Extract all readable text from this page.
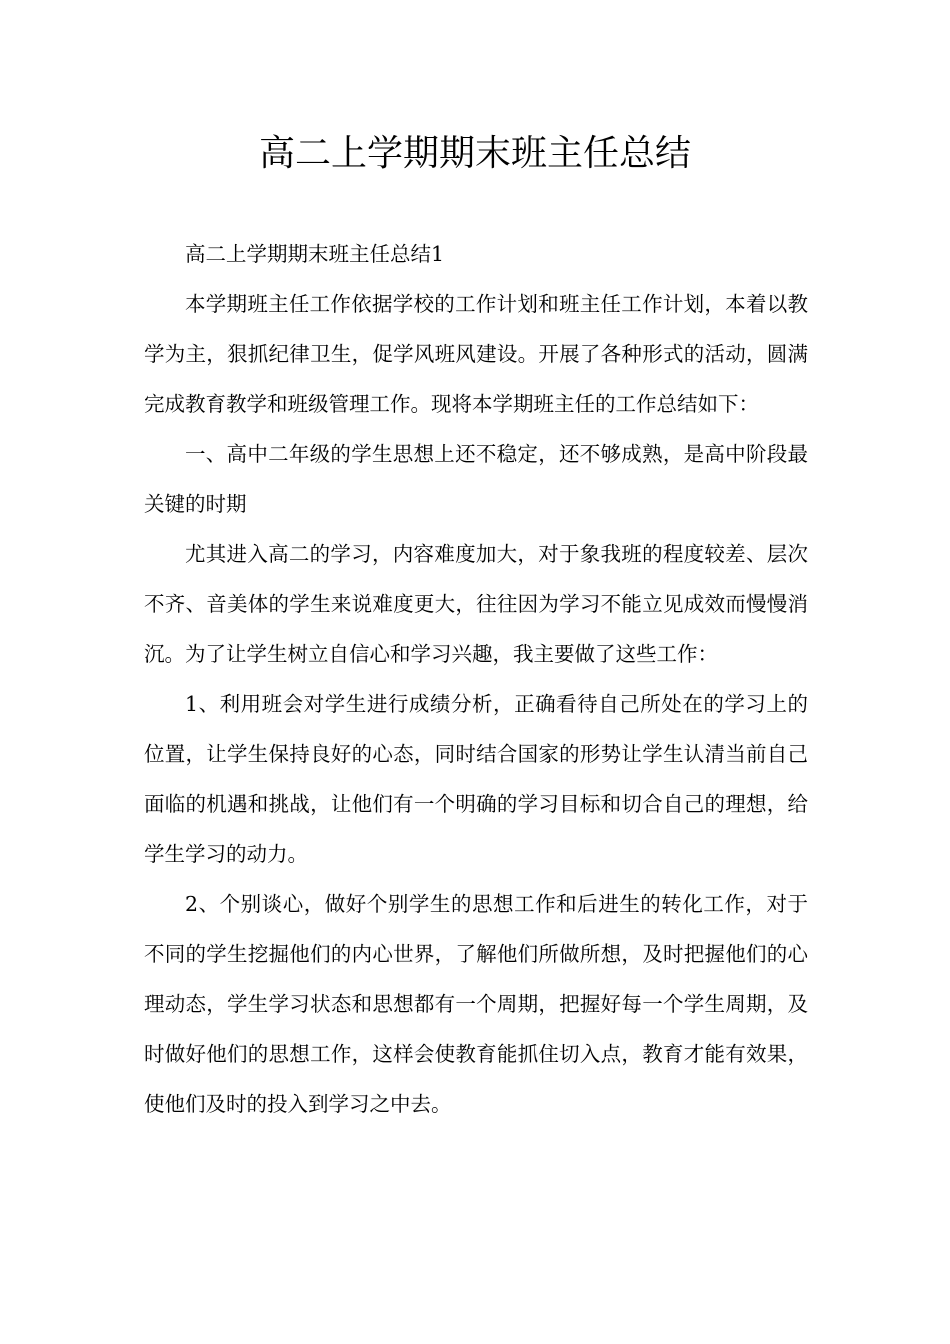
高二上学期期末班主任总结

高二上学期期末班主任总结1

本学期班主任工作依据学校的工作计划和班主任工作计划，本着以教学为主，狠抓纪律卫生，促学风班风建设。开展了各种形式的活动，圆满完成教育教学和班级管理工作。现将本学期班主任的工作总结如下：

一、高中二年级的学生思想上还不稳定，还不够成熟，是高中阶段最关键的时期

尤其进入高二的学习，内容难度加大，对于象我班的程度较差、层次不齐、音美体的学生来说难度更大，往往因为学习不能立见成效而慢慢消沉。为了让学生树立自信心和学习兴趣，我主要做了这些工作：

1、利用班会对学生进行成绩分析，正确看待自己所处在的学习上的位置，让学生保持良好的心态，同时结合国家的形势让学生认清当前自己面临的机遇和挑战，让他们有一个明确的学习目标和切合自己的理想，给学生学习的动力。

2、个别谈心，做好个别学生的思想工作和后进生的转化工作，对于不同的学生挖掘他们的内心世界，了解他们所做所想，及时把握他们的心理动态，学生学习状态和思想都有一个周期，把握好每一个学生周期，及时做好他们的思想工作，这样会使教育能抓住切入点，教育才能有效果，使他们及时的投入到学习之中去。
